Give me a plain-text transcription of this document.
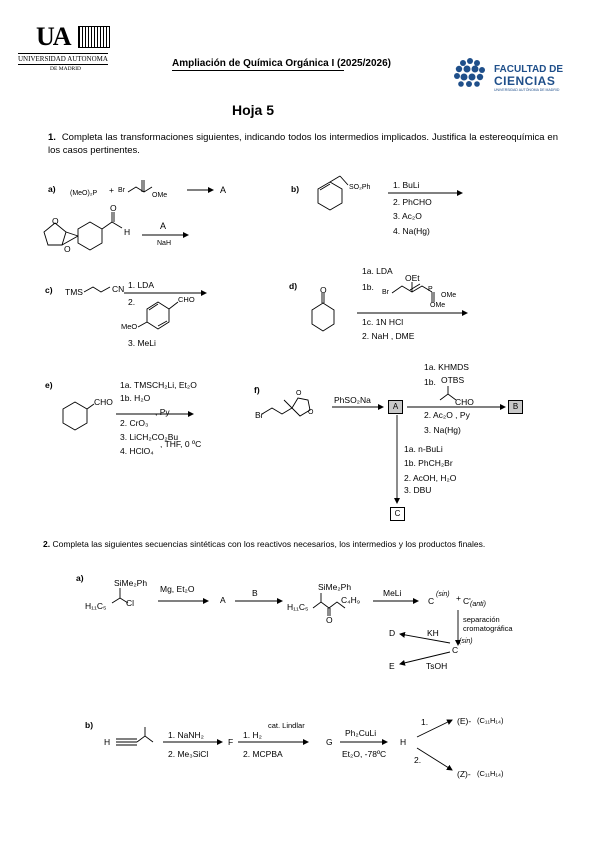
UA
UNIVERSIDAD AUTONOMA
DE MADRID	Ampliación de Química Orgánica I (2025/2026)
FACULTAD DE
CIENCIAS
UNIVERSIDAD AUTÓNOMA DE MADRID
Hoja 5
1. Completa las transformaciones siguientes, indicando todos los intermedios implicados. Justifica la estereoquímica en los casos pertinentes.
a) (MeO)₂P + Br
OMe
A
O
O
O
H
A
NaH
b)	SO₂Ph	1. BuLi
2. PhCHO
3. Ac₂O
4. Na(Hg)
c) TMS	CN 1. LDA
2.	CHO
MeO
3. MeLi
d)	O
1a. LDA
1b.
OEt
Br	P
OMe
OMe
1c. 1N HCl
2. NaH , DME
e)
CHO
1a. TMSCH₂Li, Et₂O
1b. H₂O
, Py
2. CrO₃
3. LiCH₂CO₂Bu
, THF, 0 ºC
4. HClO₄
f)
Br
O
O
PhSO₂Na
A
1a. KHMDS
1b. OTBS
CHO
2. Ac₂O , Py
3. Na(Hg)
B
1a. n-BuLi
1b. PhCH₂Br
2. AcOH, H₂O
3. DBU
C
2. Completa las siguientes secuencias sintéticas con los reactivos necesarios, los intermedios y los productos finales.
a)	SiMe₂Ph
H₁₁C₅ Cl
Mg, Et₂O
A
B
SiMe₂Ph
H₁₁C₅
C₄H₉
O
MeLi
C
(sin) + C' (anti)
separación
cromatográfica
D	KH
C
(sin)
E	TsOH
b)
H
1. NaNH₂
2. Me₃SiCl
F
cat. Lindlar
1. H₂
2. MCPBA
G
Ph₂CuLi
Et₂O, -78ºC
H
1.
2.
(E)- (C₁₁H₁₄)
(Z)- (C₁₁H₁₄)
